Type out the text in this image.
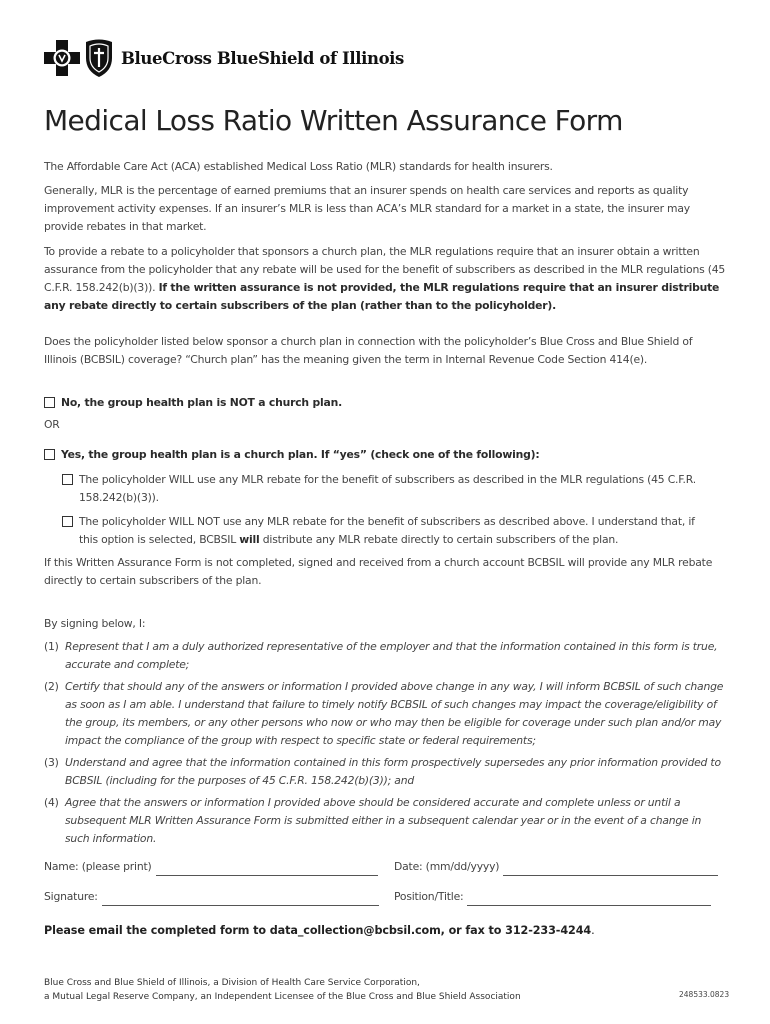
BlueCross BlueShield of Illinois
Medical Loss Ratio Written Assurance Form

The Affordable Care Act (ACA) established Medical Loss Ratio (MLR) standards for health insurers.

Generally, MLR is the percentage of earned premiums that an insurer spends on health care services and reports as quality improvement activity expenses. If an insurer’s MLR is less than ACA’s MLR standard for a market in a state, the insurer may provide rebates in that market.

To provide a rebate to a policyholder that sponsors a church plan, the MLR regulations require that an insurer obtain a written assurance from the policyholder that any rebate will be used for the benefit of subscribers as described in the MLR regulations (45 C.F.R. 158.242(b)(3)). If the written assurance is not provided, the MLR regulations require that an insurer distribute any rebate directly to certain subscribers of the plan (rather than to the policyholder).

Does the policyholder listed below sponsor a church plan in connection with the policyholder’s Blue Cross and Blue Shield of Illinois (BCBSIL) coverage? “Church plan” has the meaning given the term in Internal Revenue Code Section 414(e).

No, the group health plan is NOT a church plan.
OR
Yes, the group health plan is a church plan. If “yes” (check one of the following):
The policyholder WILL use any MLR rebate for the benefit of subscribers as described in the MLR regulations (45 C.F.R. 158.242(b)(3)).
The policyholder WILL NOT use any MLR rebate for the benefit of subscribers as described above. I understand that, if this option is selected, BCBSIL will distribute any MLR rebate directly to certain subscribers of the plan.

If this Written Assurance Form is not completed, signed and received from a church account BCBSIL will provide any MLR rebate directly to certain subscribers of the plan.

By signing below, I:
(1) Represent that I am a duly authorized representative of the employer and that the information contained in this form is true, accurate and complete;
(2) Certify that should any of the answers or information I provided above change in any way, I will inform BCBSIL of such change as soon as I am able. I understand that failure to timely notify BCBSIL of such changes may impact the coverage/eligibility of the group, its members, or any other persons who now or who may then be eligible for coverage under such plan and/or may impact the compliance of the group with respect to specific state or federal requirements;
(3) Understand and agree that the information contained in this form prospectively supersedes any prior information provided to BCBSIL (including for the purposes of 45 C.F.R. 158.242(b)(3)); and
(4) Agree that the answers or information I provided above should be considered accurate and complete unless or until a subsequent MLR Written Assurance Form is submitted either in a subsequent calendar year or in the event of a change in such information.
Name: (please print)	Date: (mm/dd/yyyy)
Signature:	Position/Title:
Please email the completed form to data_collection@bcbsil.com, or fax to 312-233-4244.
Blue Cross and Blue Shield of Illinois, a Division of Health Care Service Corporation,
a Mutual Legal Reserve Company, an Independent Licensee of the Blue Cross and Blue Shield Association	248533.0823
